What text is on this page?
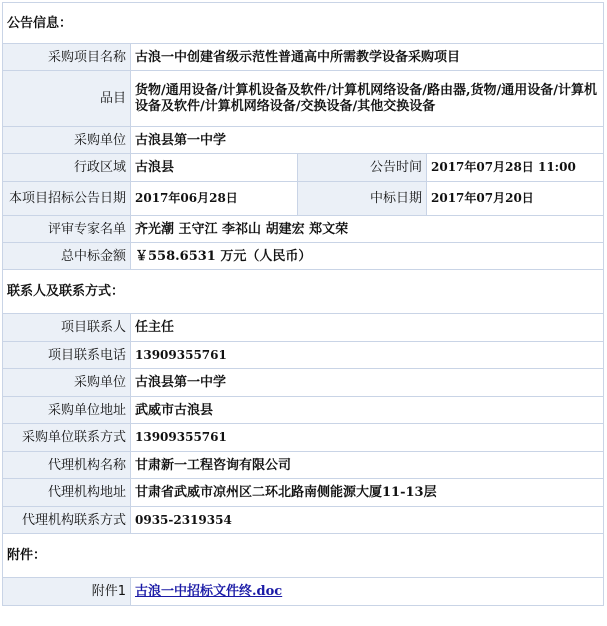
公告信息：			
采购项目名称	古浪一中创建省级示范性普通高中所需教学设备采购项目		
品目	货物/通用设备/计算机设备及软件/计算机网络设备/路由器,货物/通用设备/计算机设备及软件/计算机网络设备/交换设备/其他交换设备		
采购单位	古浪县第一中学		
行政区域	古浪县	公告时间	2017年07月28日 11:00
本项目招标公告日期	2017年06月28日	中标日期	2017年07月20日
评审专家名单	齐光潮 王守江 李祁山 胡建宏 郑文荣		
总中标金额	￥558.6531 万元（人民币）		
联系人及联系方式：			
项目联系人	任主任		
项目联系电话	13909355761		
采购单位	古浪县第一中学		
采购单位地址	武威市古浪县		
采购单位联系方式	13909355761		
代理机构名称	甘肃新一工程咨询有限公司		
代理机构地址	甘肃省武威市凉州区二环北路南侧能源大厦11-13层		
代理机构联系方式	0935-2319354		
附件：			
附件1	古浪一中招标文件终.doc		
